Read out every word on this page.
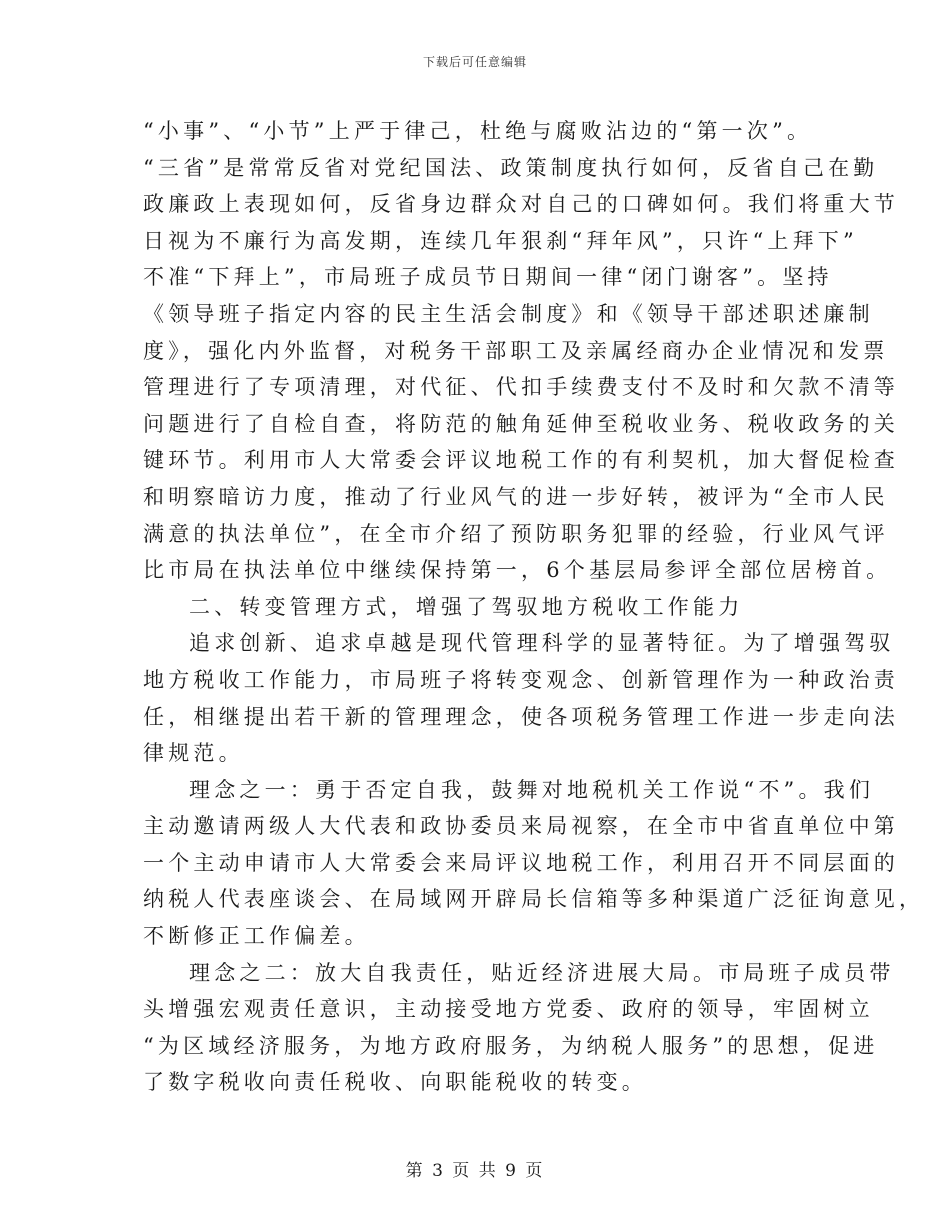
下载后可任意编辑
“小事”、“小节”上严于律己，杜绝与腐败沾边的“第一次”。
“三省”是常常反省对党纪国法、政策制度执行如何，反省自己在勤
政廉政上表现如何，反省身边群众对自己的口碑如何。我们将重大节
日视为不廉行为高发期，连续几年狠刹“拜年风”，只许“上拜下”
不准“下拜上”，市局班子成员节日期间一律“闭门谢客”。坚持
《领导班子指定内容的民主生活会制度》和《领导干部述职述廉制
度》，强化内外监督，对税务干部职工及亲属经商办企业情况和发票
管理进行了专项清理，对代征、代扣手续费支付不及时和欠款不清等
问题进行了自检自查，将防范的触角延伸至税收业务、税收政务的关
键环节。利用市人大常委会评议地税工作的有利契机，加大督促检查
和明察暗访力度，推动了行业风气的进一步好转，被评为“全市人民
满意的执法单位”，在全市介绍了预防职务犯罪的经验，行业风气评
比市局在执法单位中继续保持第一，6个基层局参评全部位居榜首。
二、转变管理方式，增强了驾驭地方税收工作能力
追求创新、追求卓越是现代管理科学的显著特征。为了增强驾驭
地方税收工作能力，市局班子将转变观念、创新管理作为一种政治责
任，相继提出若干新的管理理念，使各项税务管理工作进一步走向法
律规范。
理念之一：勇于否定自我，鼓舞对地税机关工作说“不”。我们
主动邀请两级人大代表和政协委员来局视察，在全市中省直单位中第
一个主动申请市人大常委会来局评议地税工作，利用召开不同层面的
纳税人代表座谈会、在局域网开辟局长信箱等多种渠道广泛征询意见，
不断修正工作偏差。
理念之二：放大自我责任，贴近经济进展大局。市局班子成员带
头增强宏观责任意识，主动接受地方党委、政府的领导，牢固树立
“为区域经济服务，为地方政府服务，为纳税人服务”的思想，促进
了数字税收向责任税收、向职能税收的转变。
第 3 页 共 9 页
